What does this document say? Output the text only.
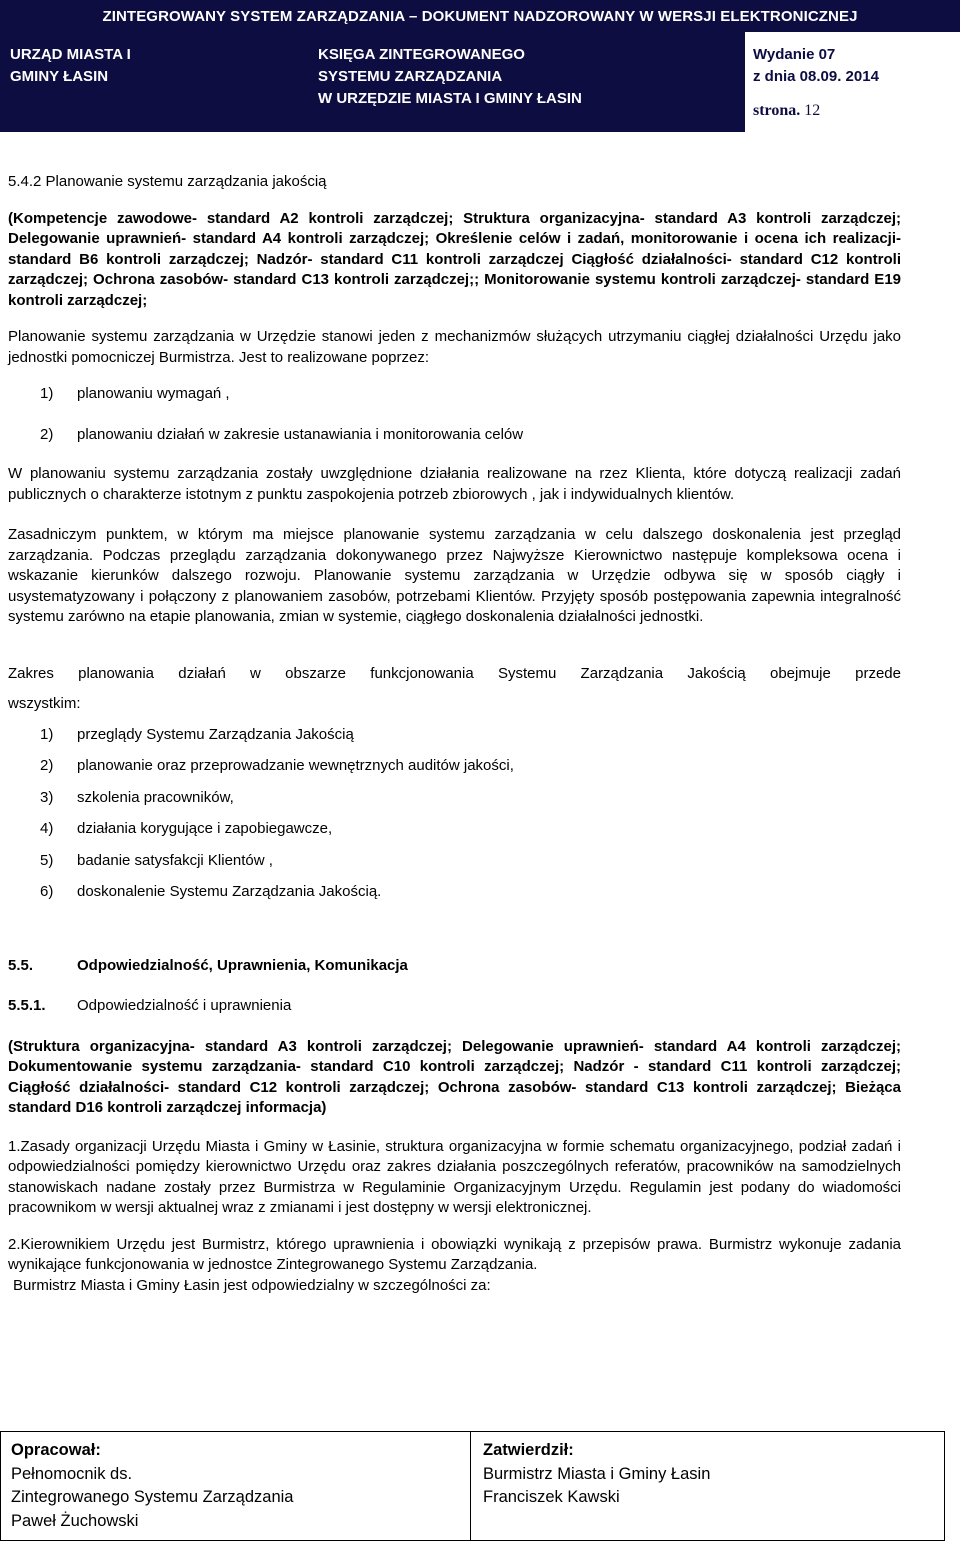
ZINTEGROWANY SYSTEM ZARZĄDZANIA – DOKUMENT NADZOROWANY W WERSJI ELEKTRONICZNEJ
URZĄD MIASTA I
GMINY ŁASIN
KSIĘGA ZINTEGROWANEGO
SYSTEMU ZARZĄDZANIA
W URZĘDZIE MIASTA I GMINY ŁASIN
Wydanie 07
z dnia 08.09. 2014
strona. 12

5.4.2 Planowanie systemu zarządzania jakością

(Kompetencje zawodowe- standard A2 kontroli zarządczej; Struktura organizacyjna- standard A3 kontroli zarządczej; Delegowanie uprawnień- standard A4 kontroli zarządczej; Określenie celów i zadań, monitorowanie i ocena ich realizacji- standard B6 kontroli zarządczej; Nadzór- standard C11 kontroli zarządczej Ciągłość działalności- standard C12 kontroli zarządczej; Ochrona zasobów- standard C13 kontroli zarządczej;; Monitorowanie systemu kontroli zarządczej- standard E19 kontroli zarządczej;

Planowanie systemu zarządzania w Urzędzie stanowi jeden z mechanizmów służących utrzymaniu ciągłej działalności Urzędu jako jednostki pomocniczej Burmistrza. Jest to realizowane poprzez:

1)	planowaniu wymagań ,
2)	planowaniu działań w zakresie ustanawiania i monitorowania celów

W planowaniu systemu zarządzania zostały uwzględnione działania realizowane na rzez Klienta, które dotyczą realizacji zadań publicznych o charakterze istotnym z punktu zaspokojenia potrzeb zbiorowych , jak i indywidualnych klientów.

Zasadniczym punktem, w którym ma miejsce planowanie systemu zarządzania w celu dalszego doskonalenia jest przegląd zarządzania. Podczas przeglądu zarządzania dokonywanego przez Najwyższe Kierownictwo następuje kompleksowa ocena i wskazanie kierunków dalszego rozwoju. Planowanie systemu zarządzania w Urzędzie odbywa się w sposób ciągły i usystematyzowany i połączony z planowaniem zasobów, potrzebami Klientów. Przyjęty sposób postępowania zapewnia integralność systemu zarówno na etapie planowania, zmian w systemie, ciągłego doskonalenia działalności jednostki.

Zakres planowania działań w obszarze funkcjonowania Systemu Zarządzania Jakością obejmuje przede

wszystkim:

1)	przeglądy Systemu Zarządzania Jakością
2)	planowanie oraz przeprowadzanie wewnętrznych auditów jakości,
3)	szkolenia pracowników,
4)	działania korygujące i zapobiegawcze,
5)	badanie satysfakcji Klientów ,
6)	doskonalenie Systemu Zarządzania Jakością.
5.5.	Odpowiedzialność, Uprawnienia, Komunikacja
5.5.1.	Odpowiedzialność i uprawnienia

(Struktura organizacyjna- standard A3 kontroli zarządczej; Delegowanie uprawnień- standard A4 kontroli zarządczej; Dokumentowanie systemu zarządzania- standard C10 kontroli zarządczej; Nadzór - standard C11 kontroli zarządczej; Ciągłość działalności- standard C12 kontroli zarządczej; Ochrona zasobów- standard C13 kontroli zarządczej; Bieżąca standard D16 kontroli zarządczej informacja)

1.Zasady organizacji Urzędu Miasta i Gminy w Łasinie, struktura organizacyjna w formie schematu organizacyjnego, podział zadań i odpowiedzialności pomiędzy kierownictwo Urzędu oraz zakres działania poszczególnych referatów, pracowników na samodzielnych stanowiskach nadane zostały przez Burmistrza w Regulaminie Organizacyjnym Urzędu. Regulamin jest podany do wiadomości pracownikom w wersji aktualnej wraz z zmianami i jest dostępny w wersji elektronicznej.

2.Kierownikiem Urzędu jest Burmistrz, którego uprawnienia i obowiązki wynikają z przepisów prawa. Burmistrz wykonuje zadania wynikające funkcjonowania w jednostce Zintegrowanego Systemu Zarządzania.

Burmistrz Miasta i Gminy Łasin jest odpowiedzialny w szczególności za:

Opracował:
Pełnomocnik ds.
Zintegrowanego Systemu Zarządzania
Paweł Żuchowski
Zatwierdził:
Burmistrz Miasta i Gminy Łasin
Franciszek Kawski
